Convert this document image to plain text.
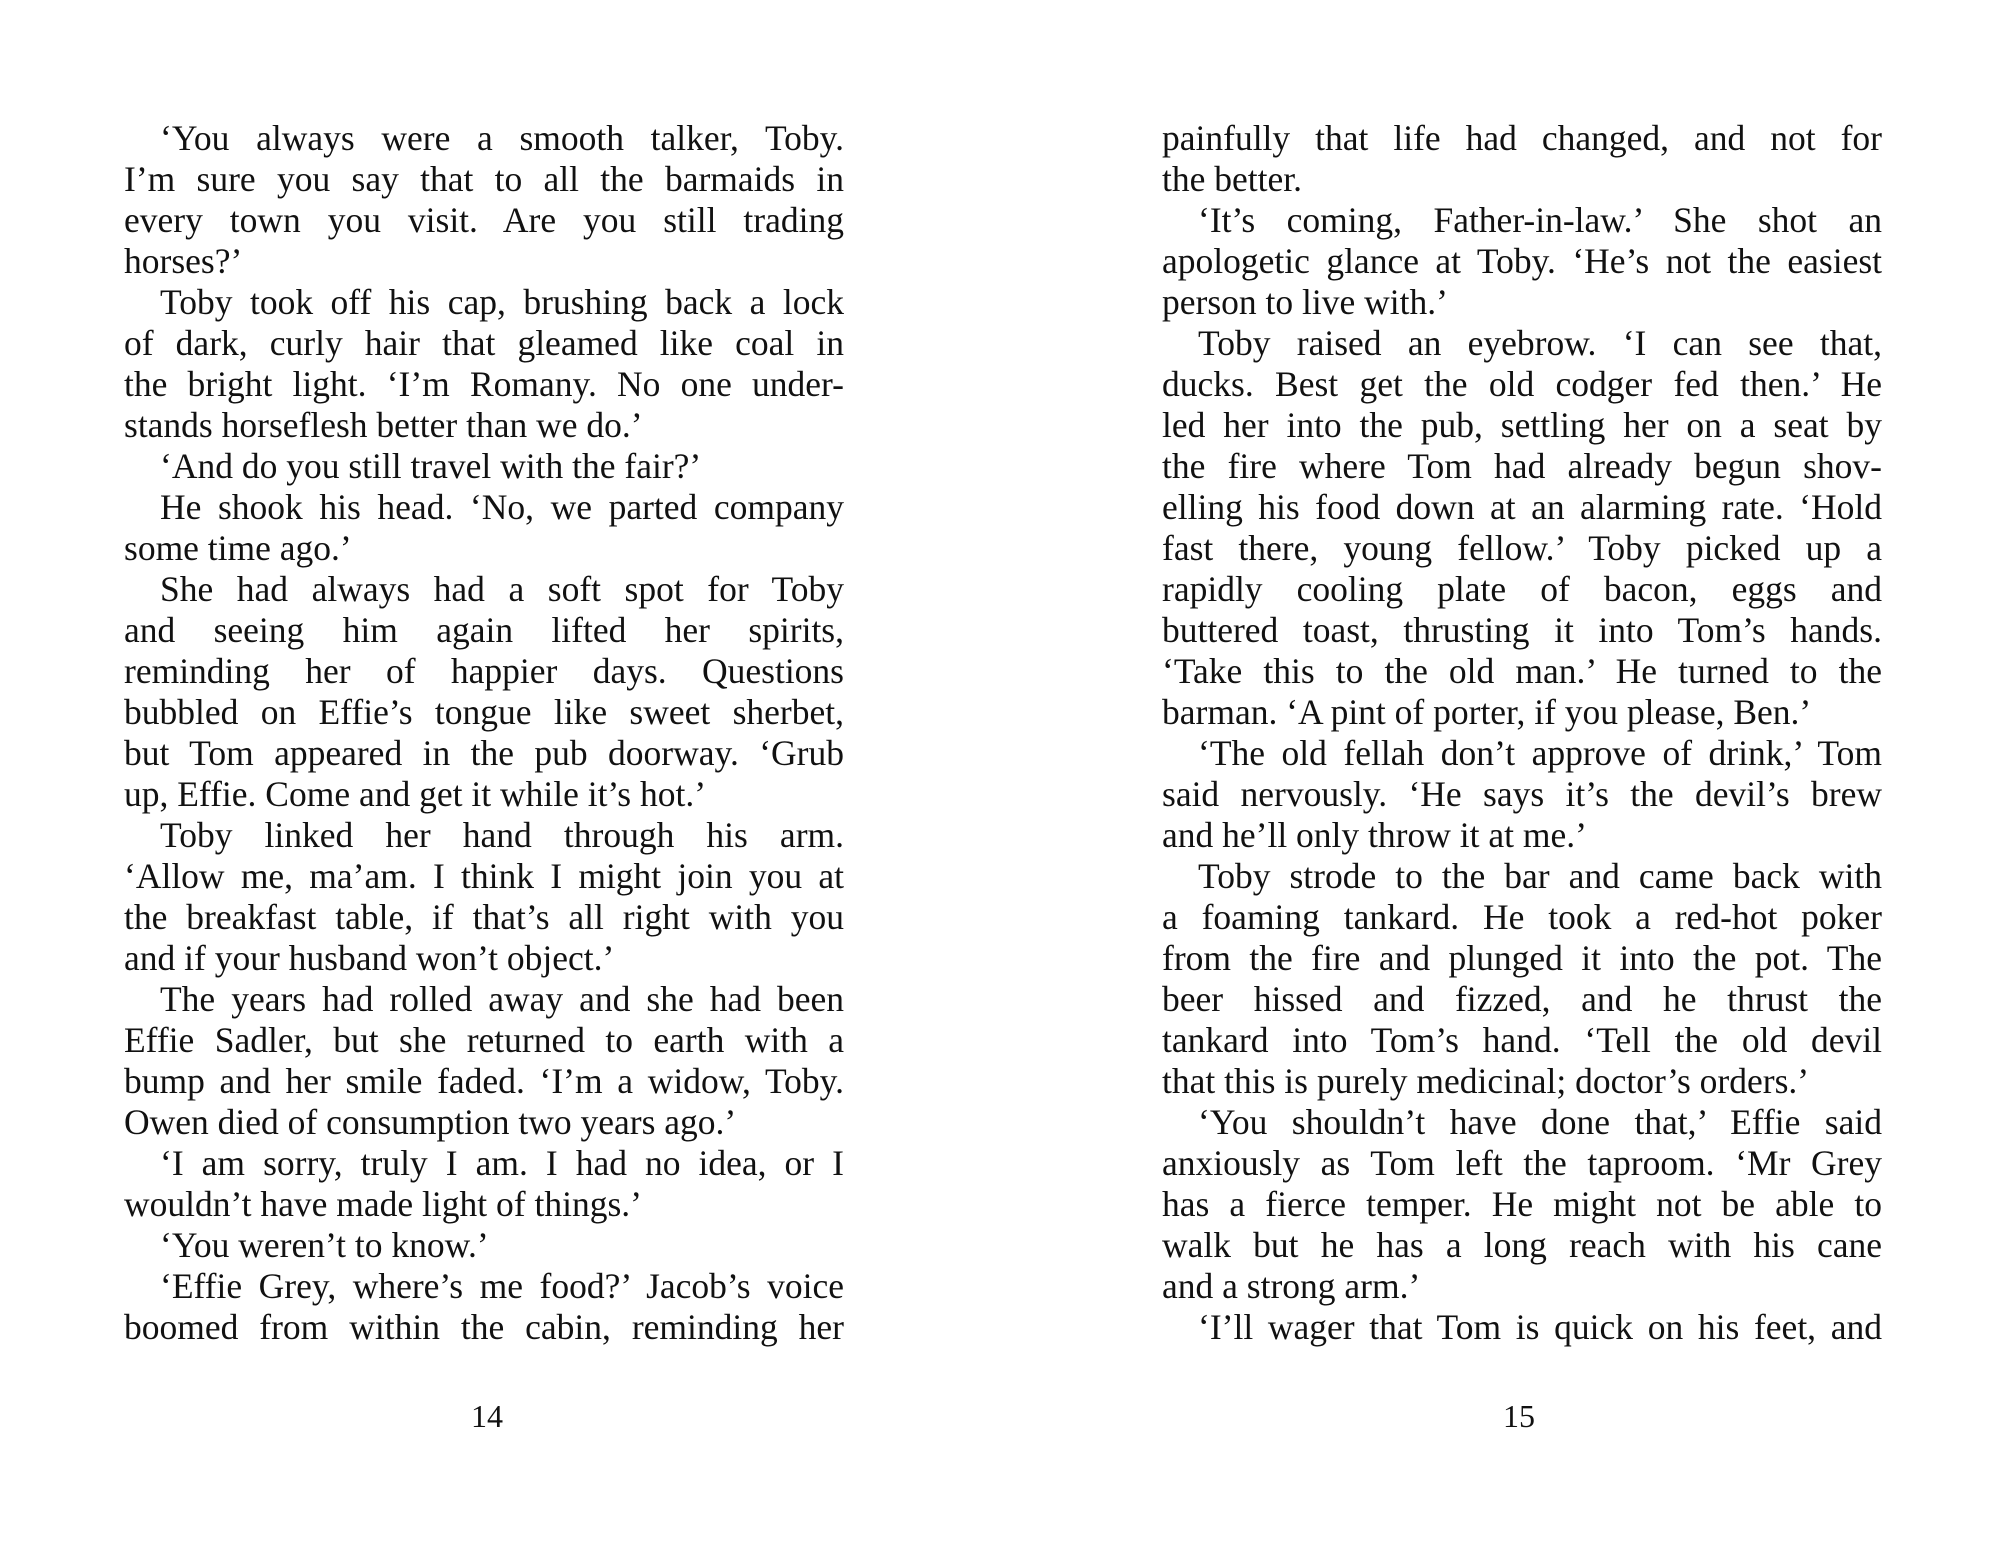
‘You always were a smooth talker, Toby.
I’m sure you say that to all the barmaids in
every town you visit. Are you still trading
horses?’
Toby took off his cap, brushing back a lock
of dark, curly hair that gleamed like coal in
the bright light. ‘I’m Romany. No one under-
stands horseflesh better than we do.’
‘And do you still travel with the fair?’
He shook his head. ‘No, we parted company
some time ago.’
She had always had a soft spot for Toby
and seeing him again lifted her spirits,
reminding her of happier days. Questions
bubbled on Effie’s tongue like sweet sherbet,
but Tom appeared in the pub doorway. ‘Grub
up, Effie. Come and get it while it’s hot.’
Toby linked her hand through his arm.
‘Allow me, ma’am. I think I might join you at
the breakfast table, if that’s all right with you
and if your husband won’t object.’
The years had rolled away and she had been
Effie Sadler, but she returned to earth with a
bump and her smile faded. ‘I’m a widow, Toby.
Owen died of consumption two years ago.’
‘I am sorry, truly I am. I had no idea, or I
wouldn’t have made light of things.’
‘You weren’t to know.’
‘Effie Grey, where’s me food?’ Jacob’s voice
boomed from within the cabin, reminding her
14
painfully that life had changed, and not for
the better.
‘It’s coming, Father-in-law.’ She shot an
apologetic glance at Toby. ‘He’s not the easiest
person to live with.’
Toby raised an eyebrow. ‘I can see that,
ducks. Best get the old codger fed then.’ He
led her into the pub, settling her on a seat by
the fire where Tom had already begun shov-
elling his food down at an alarming rate. ‘Hold
fast there, young fellow.’ Toby picked up a
rapidly cooling plate of bacon, eggs and
buttered toast, thrusting it into Tom’s hands.
‘Take this to the old man.’ He turned to the
barman. ‘A pint of porter, if you please, Ben.’
‘The old fellah don’t approve of drink,’ Tom
said nervously. ‘He says it’s the devil’s brew
and he’ll only throw it at me.’
Toby strode to the bar and came back with
a foaming tankard. He took a red-hot poker
from the fire and plunged it into the pot. The
beer hissed and fizzed, and he thrust the
tankard into Tom’s hand. ‘Tell the old devil
that this is purely medicinal; doctor’s orders.’
‘You shouldn’t have done that,’ Effie said
anxiously as Tom left the taproom. ‘Mr Grey
has a fierce temper. He might not be able to
walk but he has a long reach with his cane
and a strong arm.’
‘I’ll wager that Tom is quick on his feet, and
15
